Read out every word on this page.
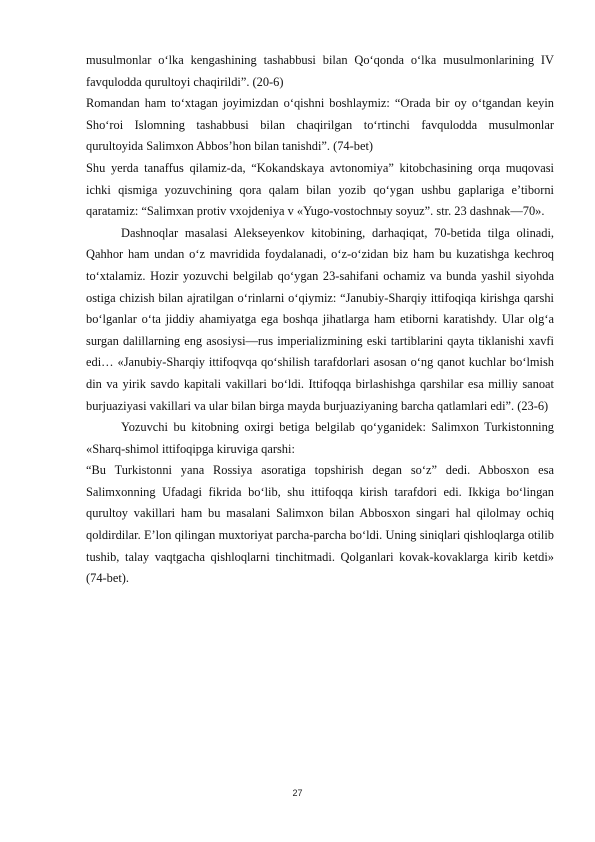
musulmonlar o‘lka kengashining tashabbusi bilan Qo‘qonda o‘lka musulmonlarining IV favqulodda qurultoyi chaqirildi”. (20-6)

Romandan ham to‘xtagan joyimizdan o‘qishni boshlaymiz: “Orada bir oy o‘tgandan keyin Sho‘roi Islomning tashabbusi bilan chaqirilgan to‘rtinchi favqulodda musulmonlar qurultoyida Salimxon Abbos’hon bilan tanishdi”. (74-bet)

Shu yerda tanaffus qilamiz-da, “Kokandskaya avtonomiya” kitobchasining orqa muqovasi ichki qismiga yozuvchining qora qalam bilan yozib qo‘ygan ushbu gaplariga e’tiborni qaratamiz: “Salimxan protiv vxojdeniya v «Yugo-vostochnыy soyuz”. str. 23 dashnak—70».

Dashnoqlar masalasi Alekseyenkov kitobining, darhaqiqat, 70-betida tilga olinadi, Qahhor ham undan o‘z mavridida foydalanadi, o‘z-o‘zidan biz ham bu kuzatishga kechroq to‘xtalamiz. Hozir yozuvchi belgilab qo‘ygan 23-sahifani ochamiz va bunda yashil siyohda ostiga chizish bilan ajratilgan o‘rinlarni o‘qiymiz: “Janubiy-Sharqiy ittifoqiqa kirishga qarshi bo‘lganlar o‘ta jiddiy ahamiyatga ega boshqa jihatlarga ham etiborni karatishdy. Ular olg‘a surgan dalillarning eng asosiysi—rus imperializmining eski tartiblarini qayta tiklanishi xavfi edi… «Janubiy-Sharqiy ittifoqvqa qo‘shilish tarafdorlari asosan o‘ng qanot kuchlar bo‘lmish din va yirik savdo kapitali vakillari bo‘ldi. Ittifoqqa birlashishga qarshilar esa milliy sanoat burjuaziyasi vakillari va ular bilan birga mayda burjuaziyaning barcha qatlamlari edi”. (23-6)

Yozuvchi bu kitobning oxirgi betiga belgilab qo‘yganidek: Salimxon Turkistonning «Sharq-shimol ittifoqipga kiruviga qarshi:

“Bu Turkistonni yana Rossiya asoratiga topshirish degan so‘z” dedi. Abbosxon esa Salimxonning Ufadagi fikrida bo‘lib, shu ittifoqqa kirish tarafdori edi. Ikkiga bo‘lingan qurultoy vakillari ham bu masalani Salimxon bilan Abbosxon singari hal qilolmay ochiq qoldirdilar. E’lon qilingan muxtoriyat parcha-parcha bo‘ldi. Uning siniqlari qishloqlarga otilib tushib, talay vaqtgacha qishloqlarni tinchitmadi. Qolganlari kovak-kovaklarga kirib ketdi» (74-bet).

27
